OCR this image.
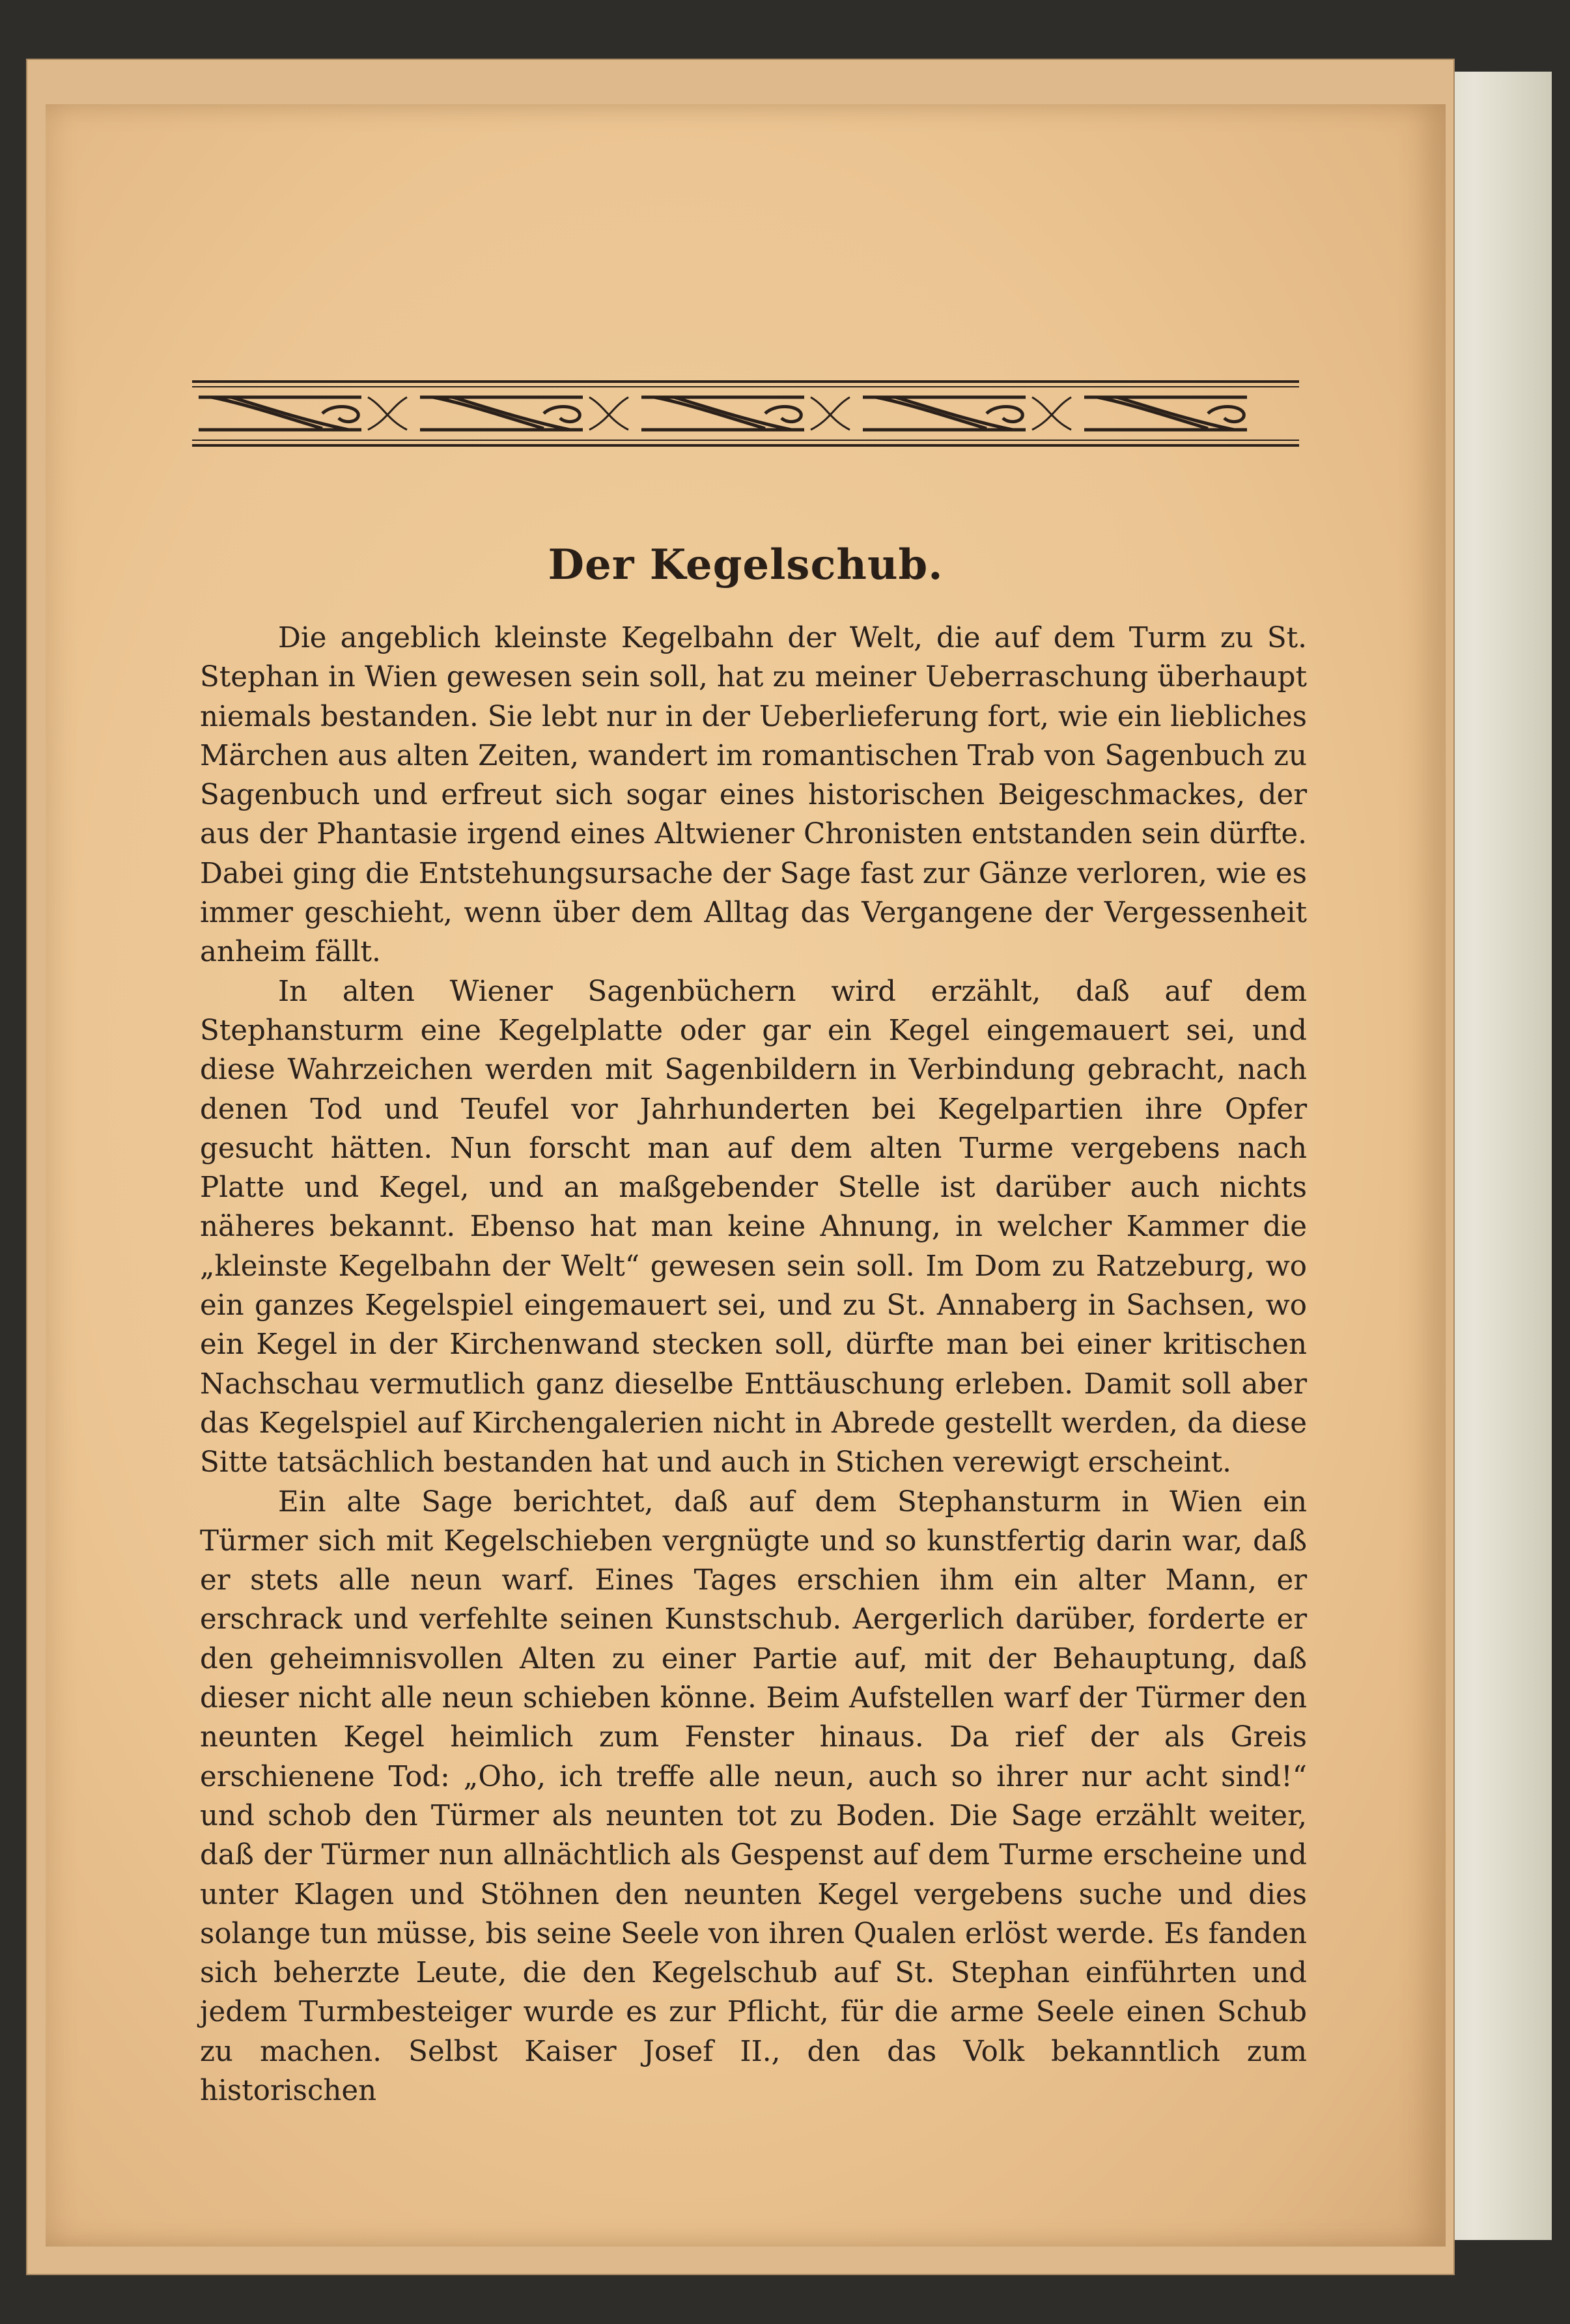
Der Kegelschub.

Die angeblich kleinste Kegelbahn der Welt, die auf dem Turm zu St. Stephan in Wien gewesen sein soll, hat zu meiner Ueberraschung überhaupt niemals bestanden. Sie lebt nur in der Ueberlieferung fort, wie ein liebliches Märchen aus alten Zeiten, wandert im romantischen Trab von Sagenbuch zu Sagenbuch und erfreut sich sogar eines historischen Beigeschmackes, der aus der Phantasie irgend eines Altwiener Chronisten entstanden sein dürfte. Dabei ging die Entstehungsursache der Sage fast zur Gänze verloren, wie es immer geschieht, wenn über dem Alltag das Vergangene der Vergessenheit anheim fällt.

In alten Wiener Sagenbüchern wird erzählt, daß auf dem Stephansturm eine Kegelplatte oder gar ein Kegel eingemauert sei, und diese Wahrzeichen werden mit Sagenbildern in Verbindung gebracht, nach denen Tod und Teufel vor Jahrhunderten bei Kegelpartien ihre Opfer gesucht hätten. Nun forscht man auf dem alten Turme vergebens nach Platte und Kegel, und an maßgebender Stelle ist darüber auch nichts näheres bekannt. Ebenso hat man keine Ahnung, in welcher Kammer die „kleinste Kegelbahn der Welt“ gewesen sein soll. Im Dom zu Ratzeburg, wo ein ganzes Kegelspiel eingemauert sei, und zu St. Annaberg in Sachsen, wo ein Kegel in der Kirchenwand stecken soll, dürfte man bei einer kritischen Nachschau vermutlich ganz dieselbe Enttäuschung erleben. Damit soll aber das Kegelspiel auf Kirchengalerien nicht in Abrede gestellt werden, da diese Sitte tatsächlich bestanden hat und auch in Stichen verewigt erscheint.

Ein alte Sage berichtet, daß auf dem Stephansturm in Wien ein Türmer sich mit Kegelschieben vergnügte und so kunstfertig darin war, daß er stets alle neun warf. Eines Tages erschien ihm ein alter Mann, er erschrack und verfehlte seinen Kunstschub. Aergerlich darüber, forderte er den geheimnisvollen Alten zu einer Partie auf, mit der Behauptung, daß dieser nicht alle neun schieben könne. Beim Aufstellen warf der Türmer den neunten Kegel heimlich zum Fenster hinaus. Da rief der als Greis erschienene Tod: „Oho, ich treffe alle neun, auch so ihrer nur acht sind!“ und schob den Türmer als neunten tot zu Boden. Die Sage erzählt weiter, daß der Türmer nun allnächtlich als Gespenst auf dem Turme erscheine und unter Klagen und Stöhnen den neunten Kegel vergebens suche und dies solange tun müsse, bis seine Seele von ihren Qualen erlöst werde. Es fanden sich beherzte Leute, die den Kegelschub auf St. Stephan einführten und jedem Turmbesteiger wurde es zur Pflicht, für die arme Seele einen Schub zu machen. Selbst Kaiser Josef II., den das Volk bekanntlich zum historischen
